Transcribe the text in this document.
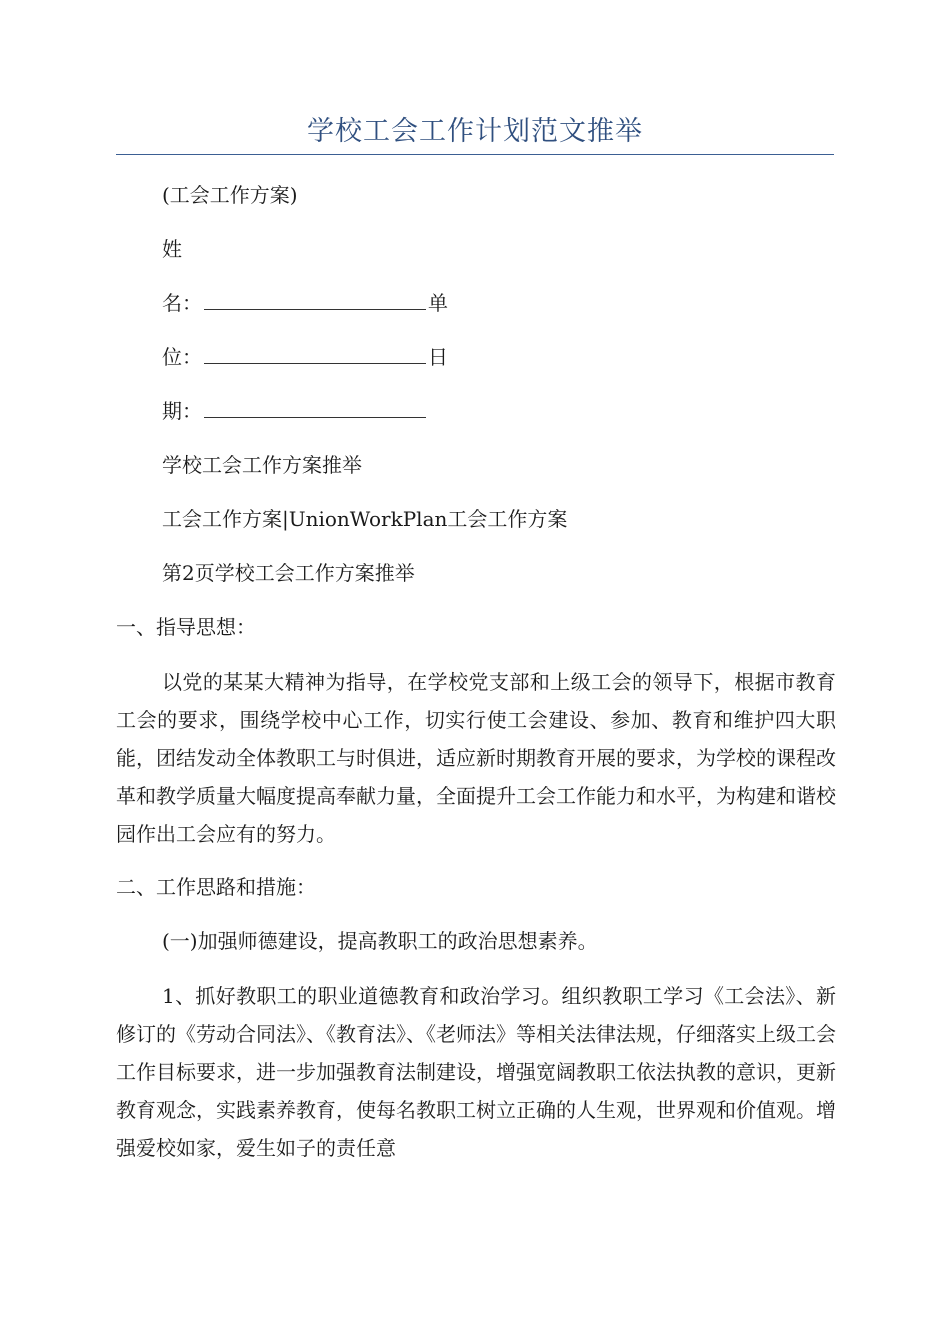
学校工会工作计划范文推举
(工会工作方案)
姓
名：	单
位：	日
期：
学校工会工作方案推举
工会工作方案|UnionWorkPlan工会工作方案
第2页学校工会工作方案推举
一、指导思想：
以党的某某大精神为指导，在学校党支部和上级工会的领导下，根据市教育工会的要求，围绕学校中心工作，切实行使工会建设、参加、教育和维护四大职能，团结发动全体教职工与时俱进，适应新时期教育开展的要求，为学校的课程改革和教学质量大幅度提高奉献力量，全面提升工会工作能力和水平，为构建和谐校园作出工会应有的努力。
二、工作思路和措施：
(一)加强师德建设，提高教职工的政治思想素养。
1、抓好教职工的职业道德教育和政治学习。组织教职工学习《工会法》、新修订的《劳动合同法》、《教育法》、《老师法》等相关法律法规，仔细落实上级工会工作目标要求，进一步加强教育法制建设，增强宽阔教职工依法执教的意识，更新教育观念，实践素养教育，使每名教职工树立正确的人生观，世界观和价值观。增强爱校如家，爱生如子的责任意
